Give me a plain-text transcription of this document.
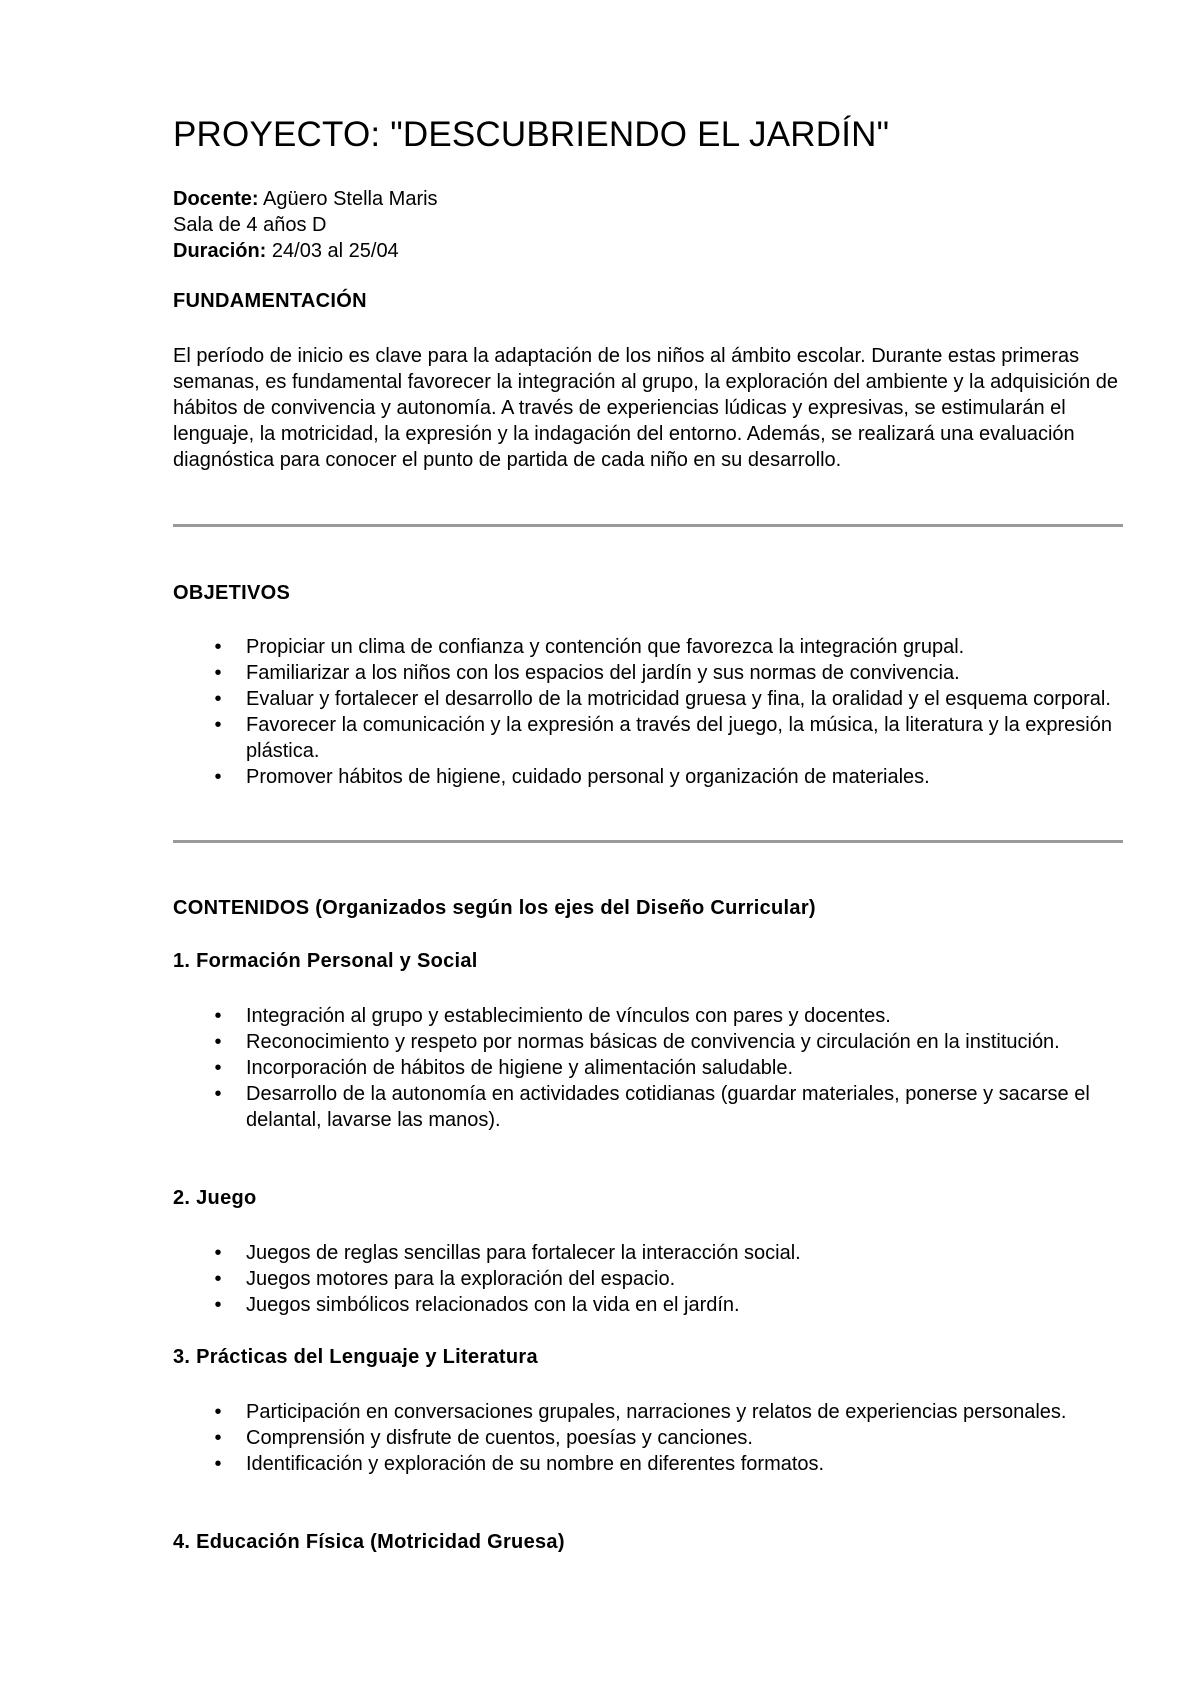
PROYECTO: "DESCUBRIENDO EL JARDÍN"
Docente: Agüero Stella Maris
Sala de 4 años D
Duración: 24/03 al 25/04
FUNDAMENTACIÓN

El período de inicio es clave para la adaptación de los niños al ámbito escolar. Durante estas primeras semanas, es fundamental favorecer la integración al grupo, la exploración del ambiente y la adquisición de hábitos de convivencia y autonomía. A través de experiencias lúdicas y expresivas, se estimularán el lenguaje, la motricidad, la expresión y la indagación del entorno. Además, se realizará una evaluación diagnóstica para conocer el punto de partida de cada niño en su desarrollo.

OBJETIVOS
•	Propiciar un clima de confianza y contención que favorezca la integración grupal.
•	Familiarizar a los niños con los espacios del jardín y sus normas de convivencia.
•	Evaluar y fortalecer el desarrollo de la motricidad gruesa y fina, la oralidad y el esquema corporal.
•	Favorecer la comunicación y la expresión a través del juego, la música, la literatura y la expresión plástica.
•	Promover hábitos de higiene, cuidado personal y organización de materiales.
CONTENIDOS (Organizados según los ejes del Diseño Curricular)
1. Formación Personal y Social
•	Integración al grupo y establecimiento de vínculos con pares y docentes.
•	Reconocimiento y respeto por normas básicas de convivencia y circulación en la institución.
•	Incorporación de hábitos de higiene y alimentación saludable.
•	Desarrollo de la autonomía en actividades cotidianas (guardar materiales, ponerse y sacarse el delantal, lavarse las manos).
2. Juego
•	Juegos de reglas sencillas para fortalecer la interacción social.
•	Juegos motores para la exploración del espacio.
•	Juegos simbólicos relacionados con la vida en el jardín.
3. Prácticas del Lenguaje y Literatura
•	Participación en conversaciones grupales, narraciones y relatos de experiencias personales.
•	Comprensión y disfrute de cuentos, poesías y canciones.
•	Identificación y exploración de su nombre en diferentes formatos.
4. Educación Física (Motricidad Gruesa)
